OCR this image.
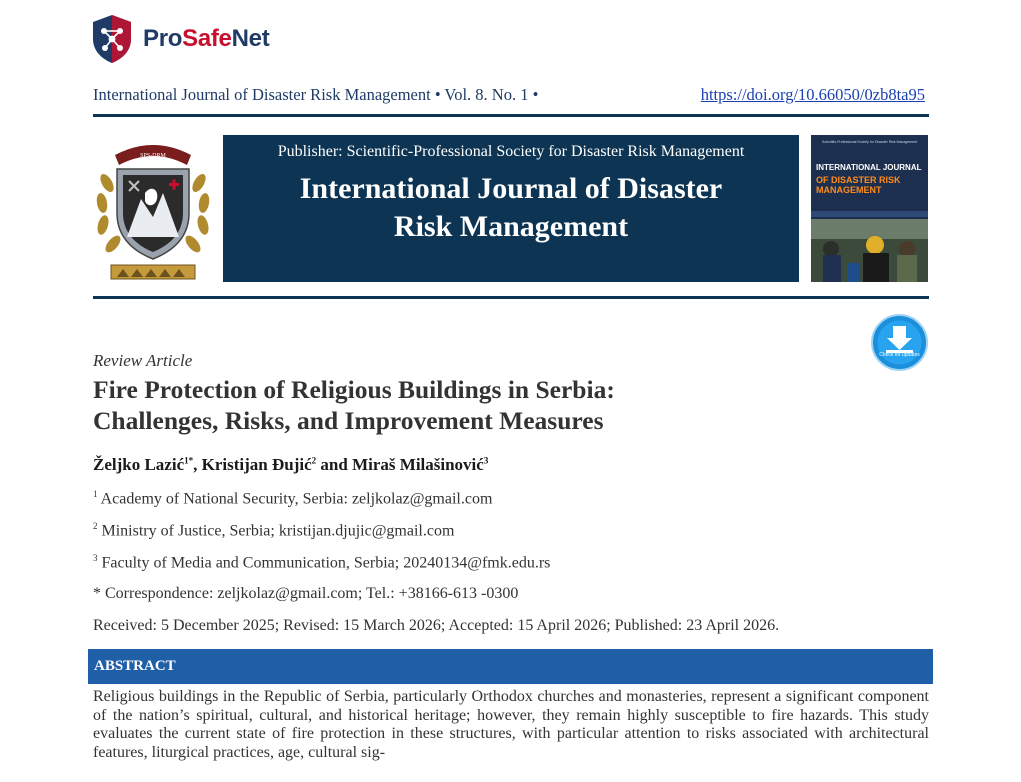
ProSafeNet
International Journal of Disaster Risk Management • Vol. 8. No. 1 •	https://doi.org/10.66050/0zb8ta95
SPS-DRM	Publisher: Scientific-Professional Society for Disaster Risk Management
International Journal of Disaster
Risk Management
Scientific-Professional Society for Disaster Risk Management
INTERNATIONAL JOURNAL
OF DISASTER RISK
MANAGEMENT
Check for updates
Review Article
Fire Protection of Religious Buildings in Serbia:
Challenges, Risks, and Improvement Measures
Željko Lazić$^{1*}$, Kristijan Đujić$^2$ and Miraš Milašinović$^3$
$^1$ Academy of National Security, Serbia: zeljkolaz@gmail.com
$^2$ Ministry of Justice, Serbia; kristijan.djujic@gmail.com
$^3$ Faculty of Media and Communication, Serbia; 20240134@fmk.edu.rs
* Correspondence: zeljkolaz@gmail.com; Tel.: +38166-613 -0300
Received: 5 December 2025; Revised: 15 March 2026; Accepted: 15 April 2026; Published: 23 April 2026.
ABSTRACT
Religious buildings in the Republic of Serbia, particularly Orthodox churches and monasteries, represent a significant component of the nation’s spiritual, cultural, and historical heritage; however, they remain highly susceptible to fire hazards. This study evaluates the current state of fire protection in these structures, with particular attention to risks associated with architectural features, liturgical practices, age, cultural sig-
